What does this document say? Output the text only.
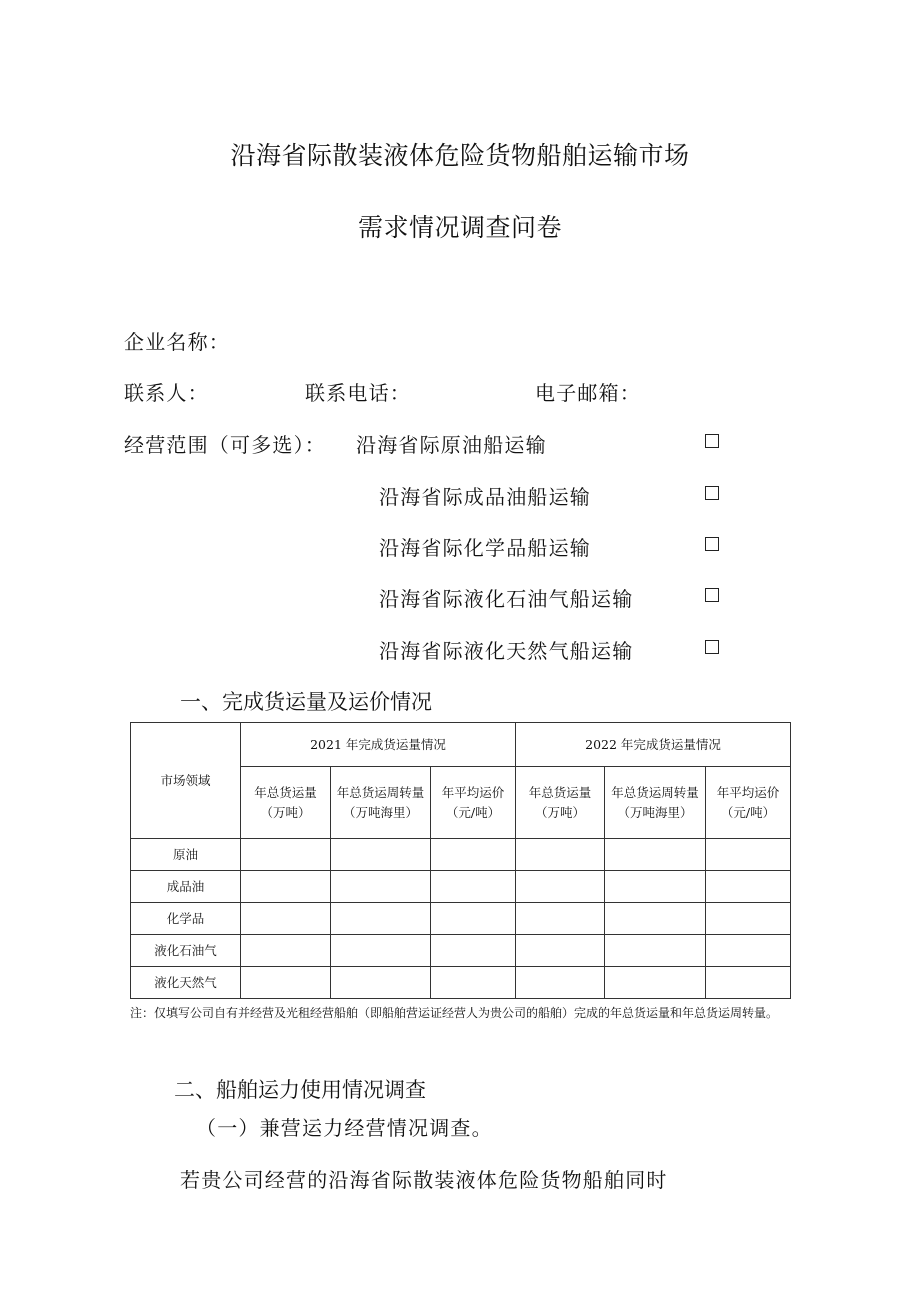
沿海省际散装液体危险货物船舶运输市场
需求情况调查问卷
企业名称：
联系人：	联系电话：	电子邮箱：
经营范围（可多选）： 沿海省际原油船运输
沿海省际成品油船运输
沿海省际化学品船运输
沿海省际液化石油气船运输
沿海省际液化天然气船运输
一、完成货运量及运价情况
市场领域	2021 年完成货运量情况			2022 年完成货运量情况		
	年总货运量（万吨）	年总货运周转量（万吨海里）	年平均运价（元/吨）	年总货运量（万吨）	年总货运周转量（万吨海里）	年平均运价（元/吨）
原油						
成品油						
化学品						
液化石油气						
液化天然气						
注：仅填写公司自有并经营及光租经营船舶（即船舶营运证经营人为贵公司的船舶）完成的年总货运量和年总货运周转量。
二、船舶运力使用情况调查
（一）兼营运力经营情况调查。
若贵公司经营的沿海省际散装液体危险货物船舶同时
